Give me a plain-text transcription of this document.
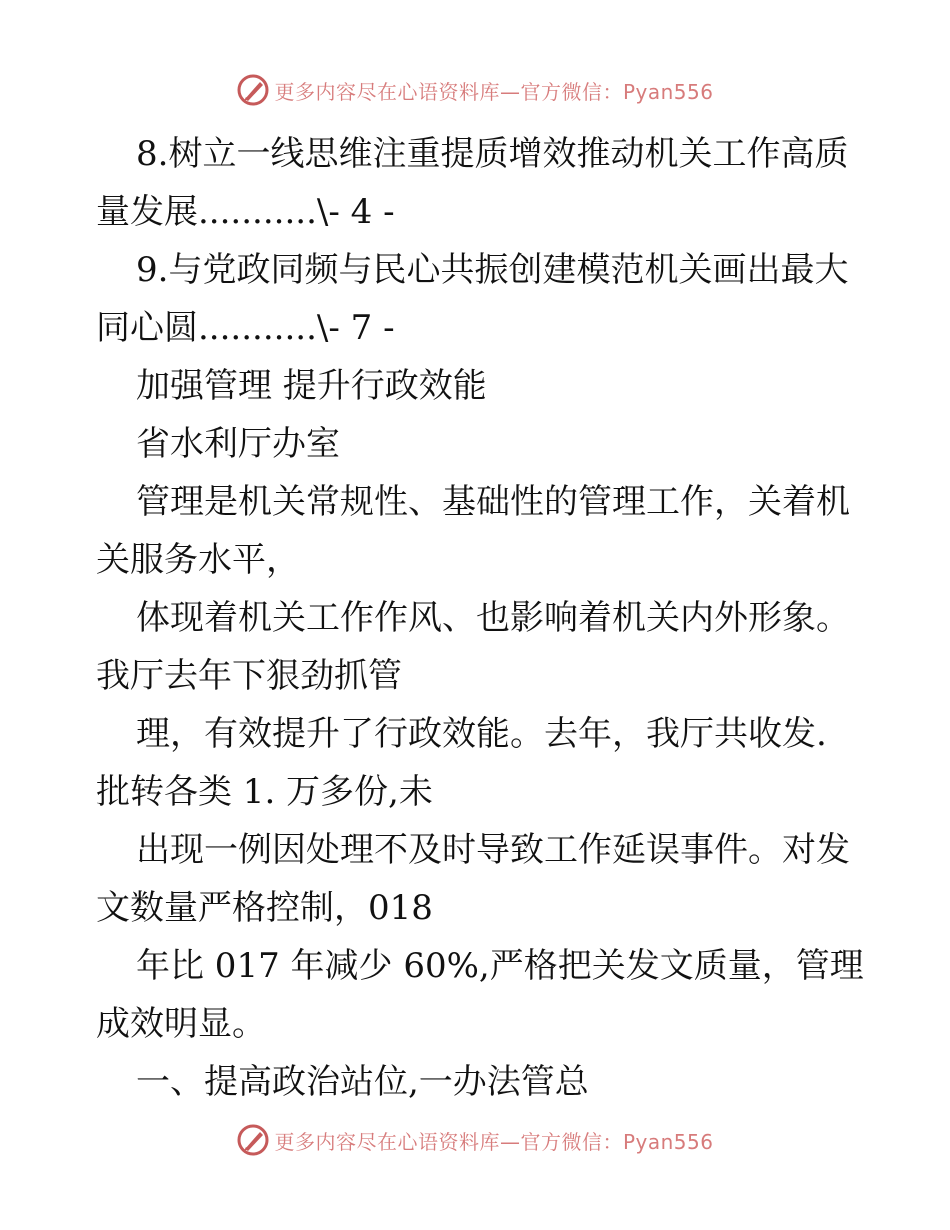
更多内容尽在心语资料库—官方微信：Pyan556

8.树立一线思维注重提质增效推动机关工作高质
量发展...........\- 4 -

9.与党政同频与民心共振创建模范机关画出最大
同心圆...........\- 7 -

加强管理 提升行政效能

省水利厅办室

管理是机关常规性、基础性的管理工作，关着机
关服务水平，

体现着机关工作作风、也影响着机关内外形象。
我厅去年下狠劲抓管

理，有效提升了行政效能。去年，我厅共收发.
批转各类 1. 万多份,未

出现一例因处理不及时导致工作延误事件。对发
文数量严格控制，018

年比 017 年减少 60%,严格把关发文质量，管理
成效明显。

一、提高政治站位,一办法管总

更多内容尽在心语资料库—官方微信：Pyan556
